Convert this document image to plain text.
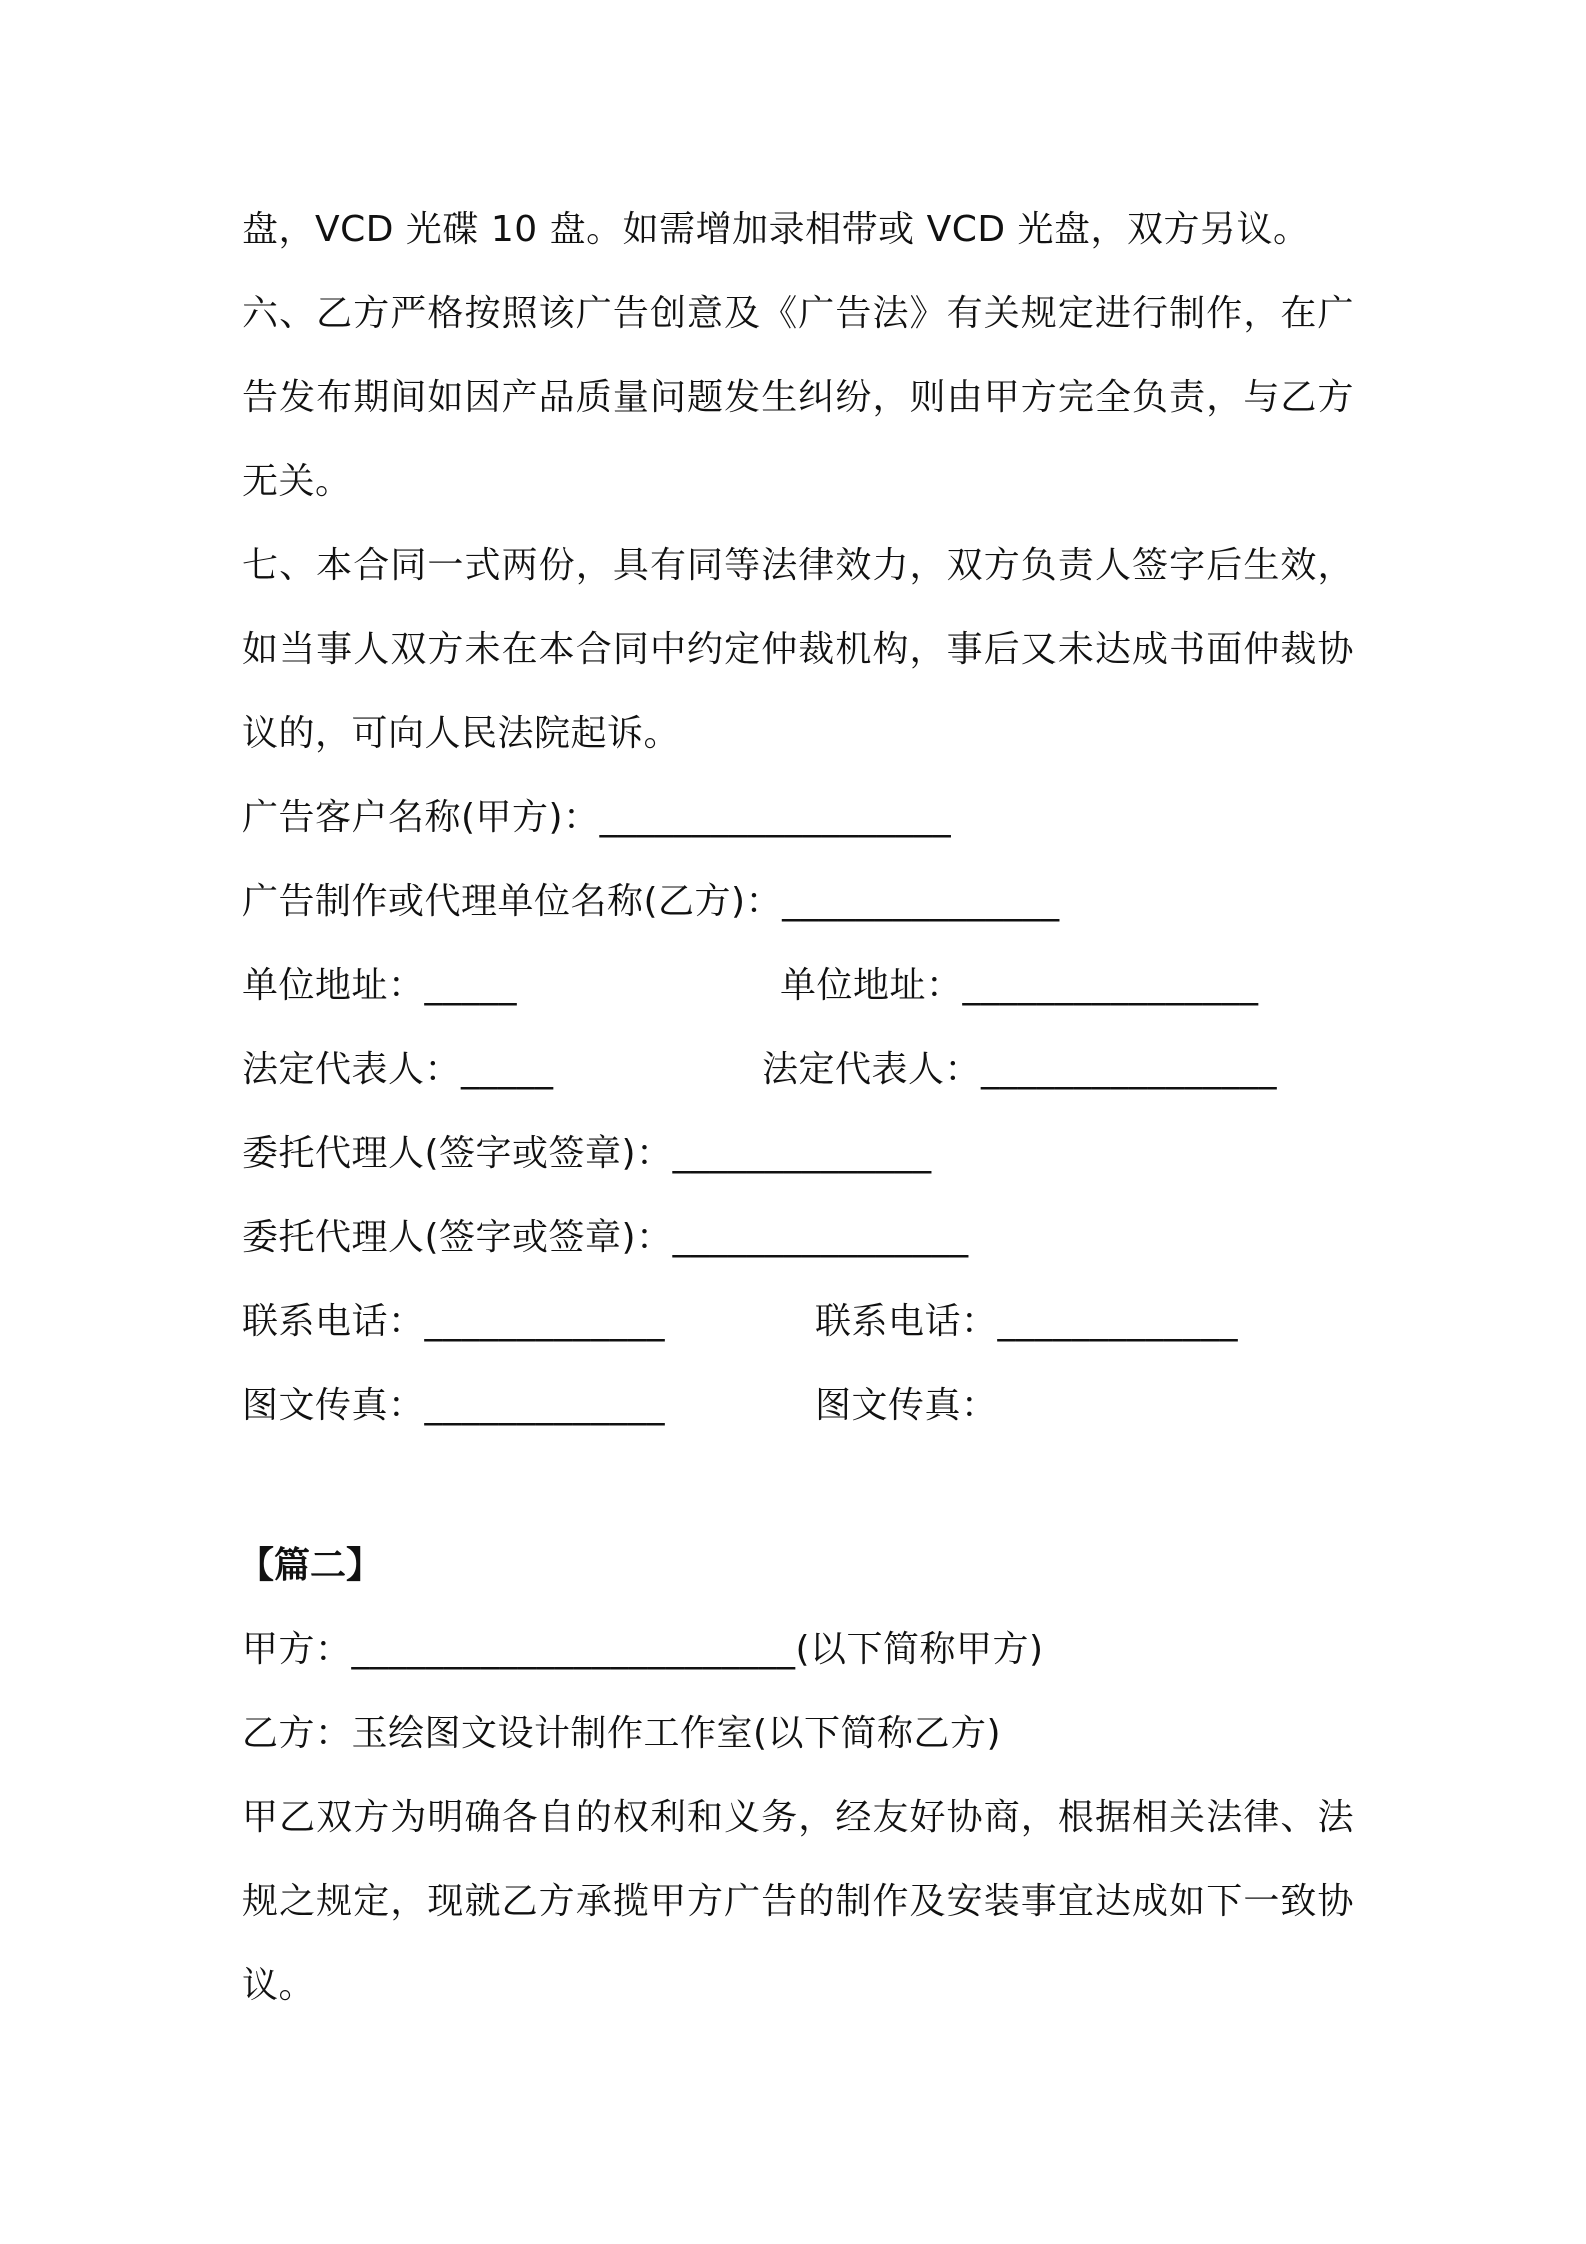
盘，VCD 光碟 10 盘。如需增加录相带或 VCD 光盘，双方另议。
六、乙方严格按照该广告创意及《广告法》有关规定进行制作，在广
告发布期间如因产品质量问题发生纠纷，则由甲方完全负责，与乙方
无关。
七、本合同一式两份，具有同等法律效力，双方负责人签字后生效，
如当事人双方未在本合同中约定仲裁机构，事后又未达成书面仲裁协
议的，可向人民法院起诉。
广告客户名称(甲方)：___________________
广告制作或代理单位名称(乙方)：_______________
单位地址：_____	单位地址：________________
法定代表人：_____	法定代表人：________________
委托代理人(签字或签章)：______________
委托代理人(签字或签章)：________________
联系电话：_____________	联系电话：_____________
图文传真：_____________	图文传真：
【篇二】
甲方：________________________(以下简称甲方)
乙方：玉绘图文设计制作工作室(以下简称乙方)
甲乙双方为明确各自的权利和义务，经友好协商，根据相关法律、法
规之规定，现就乙方承揽甲方广告的制作及安装事宜达成如下一致协
议。
